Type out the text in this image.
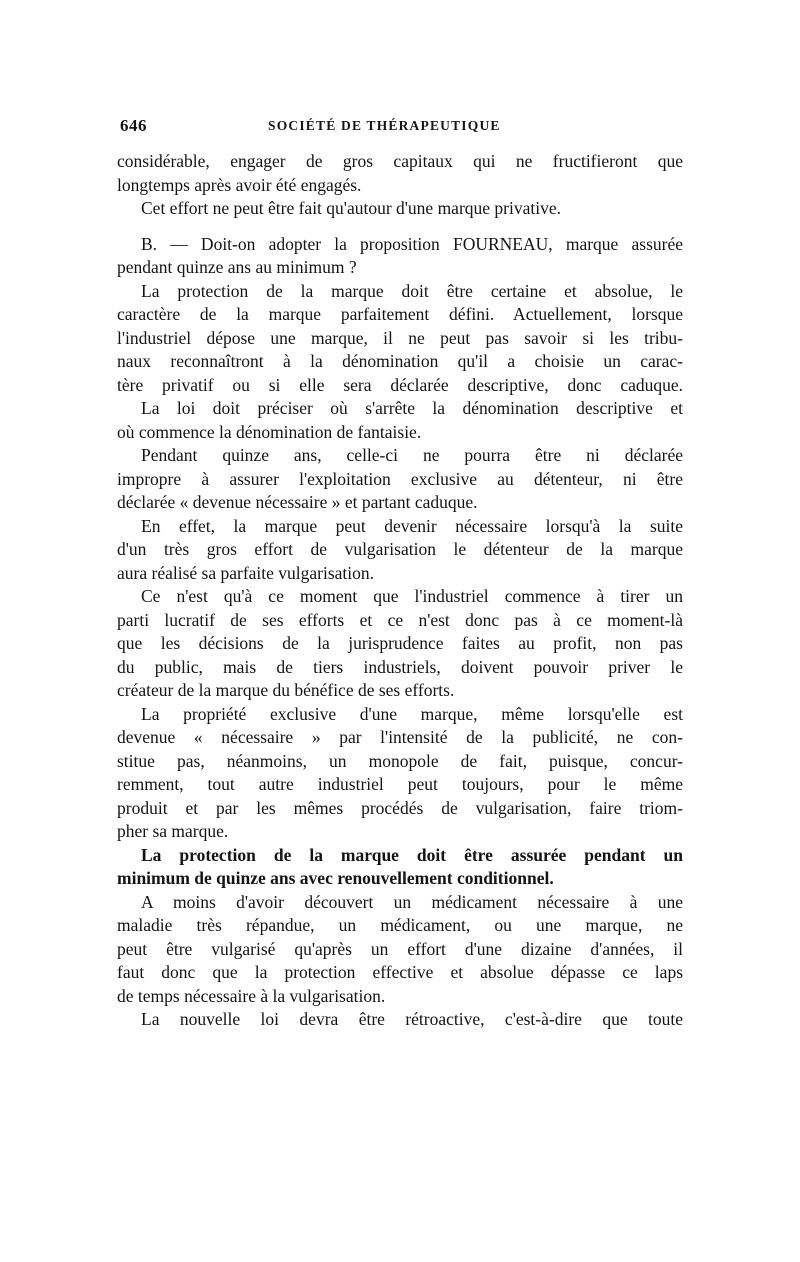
646	SOCIÉTÉ DE THÉRAPEUTIQUE
considérable, engager de gros capitaux qui ne fructifieront que
longtemps après avoir été engagés.
Cet effort ne peut être fait qu'autour d'une marque privative.
B. — Doit-on adopter la proposition FOURNEAU, marque assurée
pendant quinze ans au minimum ?
La protection de la marque doit être certaine et absolue, le
caractère de la marque parfaitement défini. Actuellement, lorsque
l'industriel dépose une marque, il ne peut pas savoir si les tribu-
naux reconnaîtront à la dénomination qu'il a choisie un carac-
tère privatif ou si elle sera déclarée descriptive, donc caduque.
La loi doit préciser où s'arrête la dénomination descriptive et
où commence la dénomination de fantaisie.
Pendant quinze ans, celle-ci ne pourra être ni déclarée
impropre à assurer l'exploitation exclusive au détenteur, ni être
déclarée « devenue nécessaire » et partant caduque.
En effet, la marque peut devenir nécessaire lorsqu'à la suite
d'un très gros effort de vulgarisation le détenteur de la marque
aura réalisé sa parfaite vulgarisation.
Ce n'est qu'à ce moment que l'industriel commence à tirer un
parti lucratif de ses efforts et ce n'est donc pas à ce moment-là
que les décisions de la jurisprudence faites au profit, non pas
du public, mais de tiers industriels, doivent pouvoir priver le
créateur de la marque du bénéfice de ses efforts.
La propriété exclusive d'une marque, même lorsqu'elle est
devenue « nécessaire » par l'intensité de la publicité, ne con-
stitue pas, néanmoins, un monopole de fait, puisque, concur-
remment, tout autre industriel peut toujours, pour le même
produit et par les mêmes procédés de vulgarisation, faire triom-
pher sa marque.
La protection de la marque doit être assurée pendant un
minimum de quinze ans avec renouvellement conditionnel.
A moins d'avoir découvert un médicament nécessaire à une
maladie très répandue, un médicament, ou une marque, ne
peut être vulgarisé qu'après un effort d'une dizaine d'années, il
faut donc que la protection effective et absolue dépasse ce laps
de temps nécessaire à la vulgarisation.
La nouvelle loi devra être rétroactive, c'est-à-dire que toute
